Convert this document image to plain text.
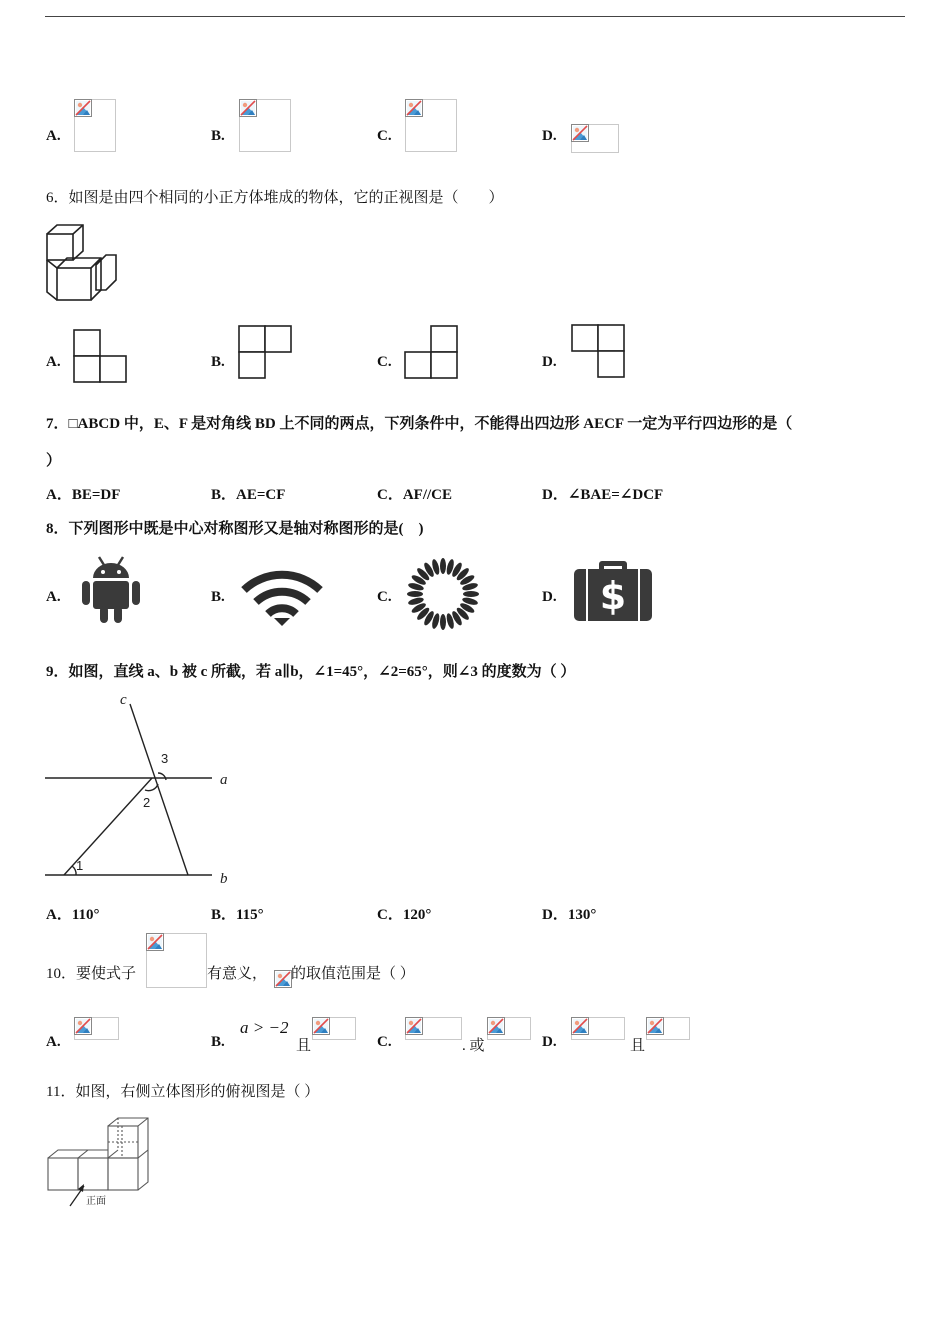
A.	B.	C.	D.
6．如图是由四个相同的小正方体堆成的物体，它的正视图是（　　）
A.	B.	C.	D.
7．□ABCD 中，E、F 是对角线 BD 上不同的两点，下列条件中，不能得出四边形 AECF 一定为平行四边形的是（
）
A．BE=DF	B．AE=CF	C．AF//CE	D．∠BAE=∠DCF
8．下列图形中既是中心对称图形又是轴对称图形的是(　)
A.	B.	C.	D. $
9．如图，直线 a、b 被 c 所截，若 a∥b，∠1=45°，∠2=65°，则∠3 的度数为（ ）
c
a
b
3
2
1
A．110°	B．115°	C．120°	D．130°
10．要使式子	有意义， 的取值范围是（ ）
A.	B.
a > −2
且	C.	. 或	D.	且
11．如图，右侧立体图形的俯视图是（ ）
正面
